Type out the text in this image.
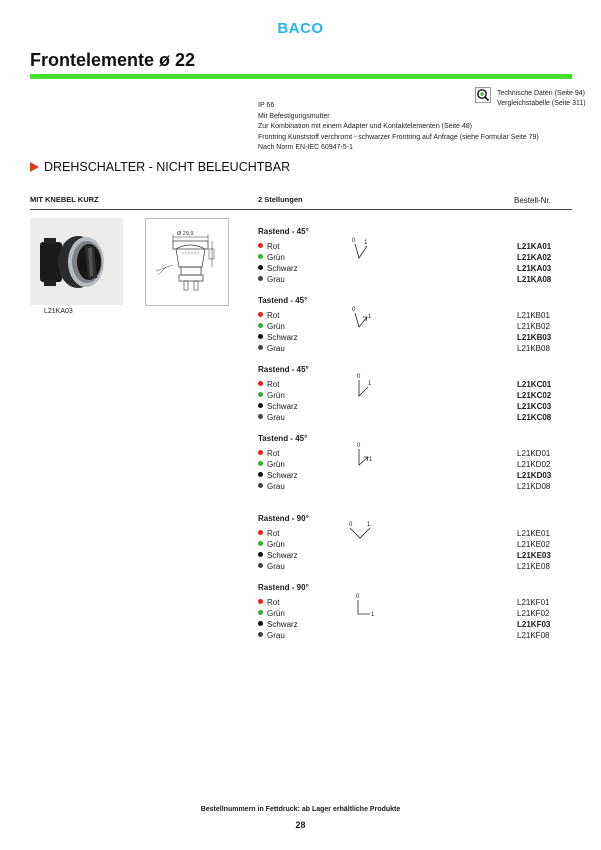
BACO
Frontelemente ø 22
IP 66
Mit Befestigungsmutter
Zur Kombination mit einem Adapter und Kontaktelementen (Seite 48)
Frontring Kunststoff verchromt - schwarzer Frontring auf Anfrage (siehe Formular Seite 79)
Nach Norm EN-IEC 60947-5-1
Technische Daten (Seite 94)
Vergleichstabelle (Seite 311)
DREHSCHALTER - NICHT BELEUCHTBAR
MIT KNEBEL KURZ	2 Stellungen	Bestell-Nr.
Ø 29,9
L21KA03
Rastend - 45°
Rot	L21KA01
Grün	L21KA02
Schwarz	L21KA03
Grau	L21KA08
0 1
Tastend - 45°
Rot	L21KB01
Grün	L21KB02
Schwarz	L21KB03
Grau	L21KB08
0
1
Rastend - 45°
Rot	L21KC01
Grün	L21KC02
Schwarz	L21KC03
Grau	L21KC08
0
1
Tastend - 45°
Rot	L21KD01
Grün	L21KD02
Schwarz	L21KD03
Grau	L21KD08
0
1
Rastend - 90°
Rot	L21KE01
Grün	L21KE02
Schwarz	L21KE03
Grau	L21KE08
0 1
Rastend - 90°
Rot	L21KF01
Grün	L21KF02
Schwarz	L21KF03
Grau	L21KF08
0
1
Bestellnummern in Fettdruck: ab Lager erhältliche Produkte
28
